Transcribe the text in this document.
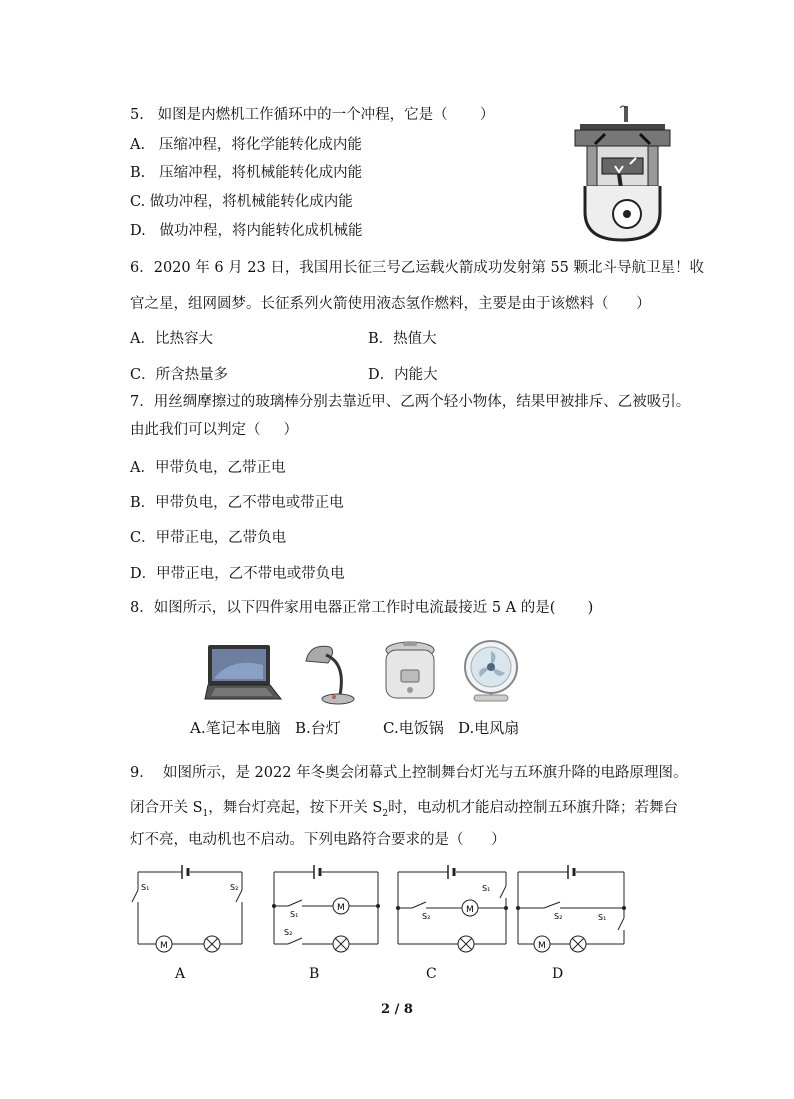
5.   如图是内燃机工作循环中的一个冲程，它是（       ）
A.   压缩冲程，将化学能转化成内能
B.   压缩冲程，将机械能转化成内能
C. 做功冲程，将机械能转化成内能
D.   做功冲程，将内能转化成机械能
6．2020 年 6 月 23 日，我国用长征三号乙运载火箭成功发射第 55 颗北斗导航卫星！收
官之星，组网圆梦。长征系列火箭使用液态氢作燃料，主要是由于该燃料（      ）
A．比热容大	B．热值大
C．所含热量多	D．内能大
7．用丝绸摩擦过的玻璃棒分别去靠近甲、乙两个轻小物体，结果甲被排斥、乙被吸引。
由此我们可以判定（     ）
A．甲带负电，乙带正电
B．甲带负电，乙不带电或带正电
C．甲带正电，乙带负电
D．甲带正电，乙不带电或带负电
8．如图所示，以下四件家用电器正常工作时电流最接近 5 A 的是(       )
A.笔记本电脑 B.台灯	C.电饭锅 D.电风扇
9．  如图所示，是 2022 年冬奥会闭幕式上控制舞台灯光与五环旗升降的电路原理图。
闭合开关 $S_1$，舞台灯亮起，按下开关 $S_2$时，电动机才能启动控制五环旗升降；若舞台
灯不亮，电动机也不启动。下列电路符合要求的是（      ）
M
S₁	S₂
M
S₁
S₂
M
S₁
S₂
M
S₁
S₂
A	B	C	D
2 / 8
